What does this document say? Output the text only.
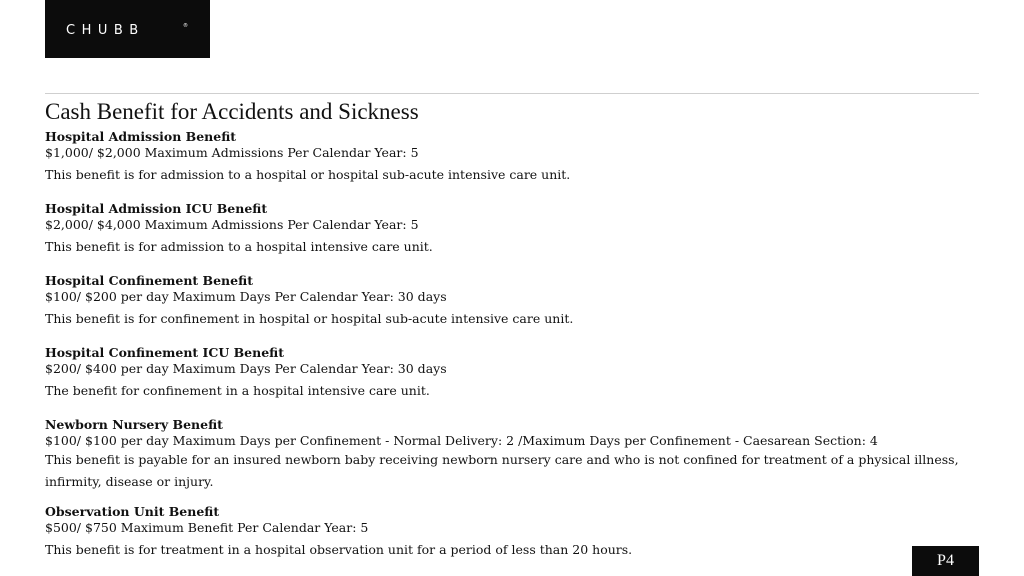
CHUBB	®
Cash Benefit for Accidents and Sickness
Hospital Admission Benefit
$1,000/ $2,000 Maximum Admissions Per Calendar Year: 5
This benefit is for admission to a hospital or hospital sub-acute intensive care unit.
Hospital Admission ICU Benefit
$2,000/ $4,000 Maximum Admissions Per Calendar Year: 5
This benefit is for admission to a hospital intensive care unit.
Hospital Confinement Benefit
$100/ $200 per day Maximum Days Per Calendar Year: 30 days
This benefit is for confinement in hospital or hospital sub-acute intensive care unit.
Hospital Confinement ICU Benefit
$200/ $400 per day Maximum Days Per Calendar Year: 30 days
The benefit for confinement in a hospital intensive care unit.
Newborn Nursery Benefit
$100/ $100 per day Maximum Days per Confinement - Normal Delivery: 2 /Maximum Days per Confinement - Caesarean Section: 4
This benefit is payable for an insured newborn baby receiving newborn nursery care and who is not confined for treatment of a physical illness, infirmity, disease or injury.
Observation Unit Benefit
$500/ $750 Maximum Benefit Per Calendar Year: 5
This benefit is for treatment in a hospital observation unit for a period of less than 20 hours.
P4
